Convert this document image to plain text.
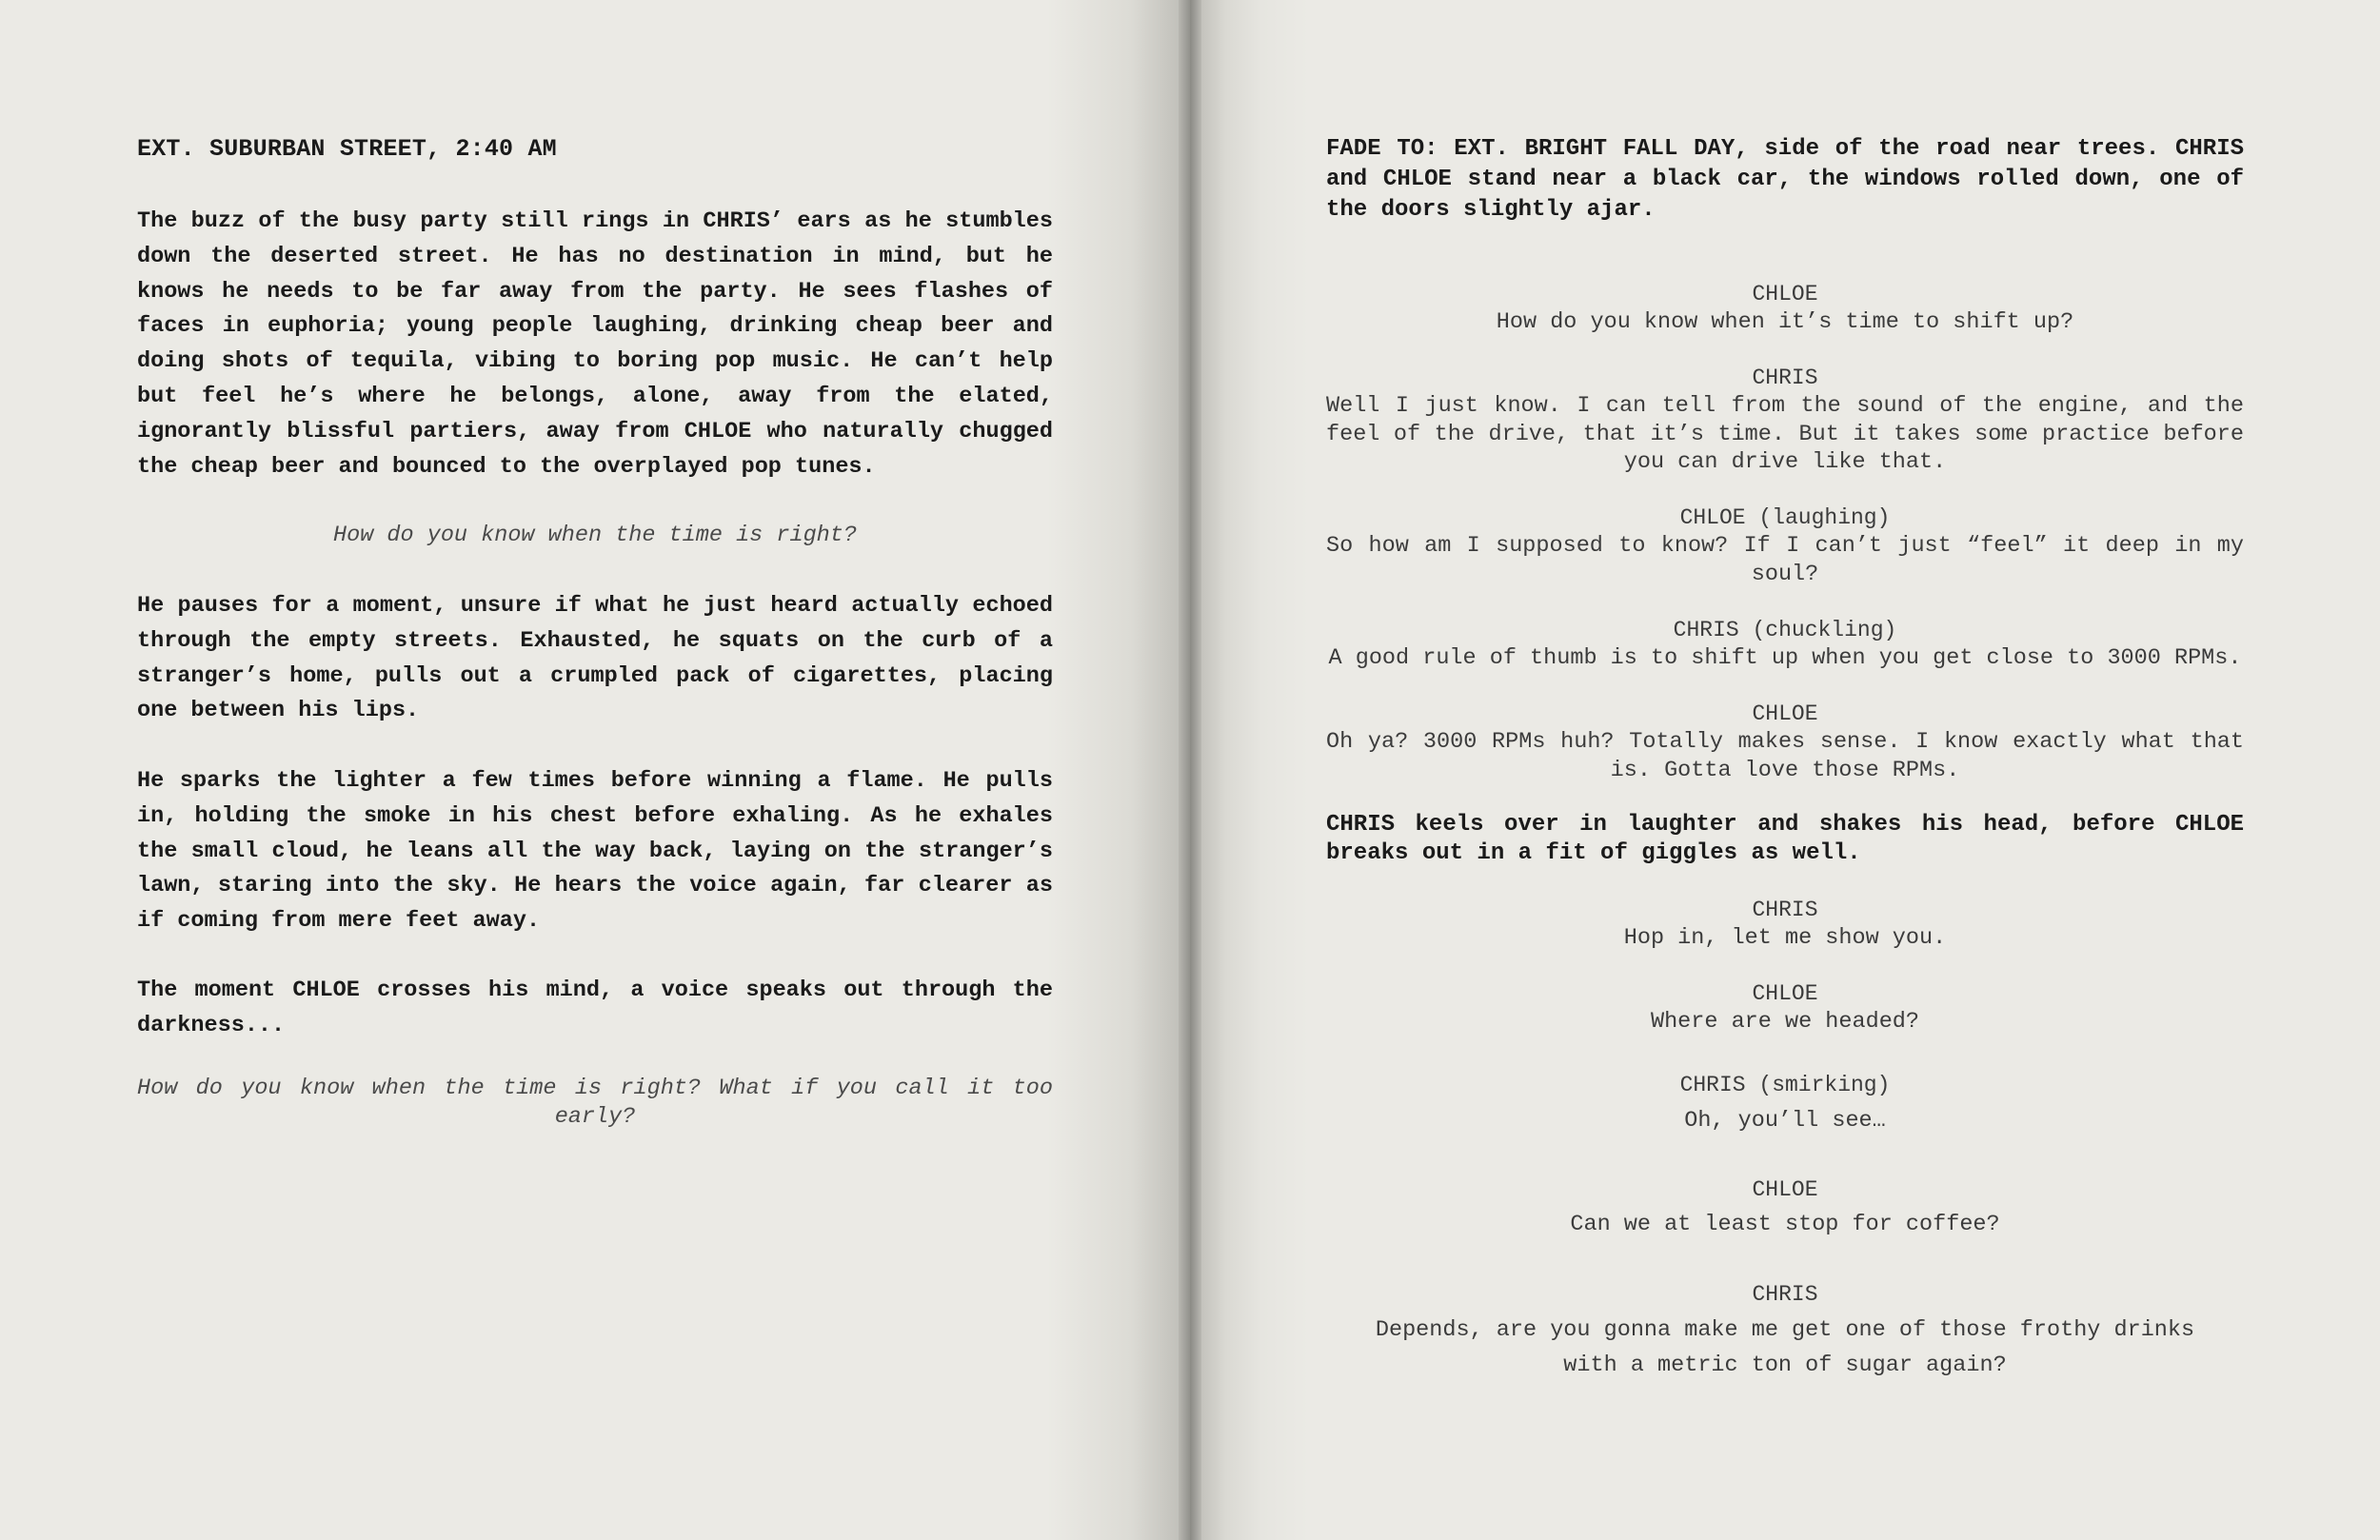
EXT. SUBURBAN STREET, 2:40 AM

The buzz of the busy party still rings in CHRIS’ ears as he stumbles down the deserted street. He has no destination in mind, but he knows he needs to be far away from the party. He sees flashes of faces in euphoria; young people laughing, drinking cheap beer and doing shots of tequila, vibing to boring pop music. He can’t help but feel he’s where he belongs, alone, away from the elated, ignorantly blissful partiers, away from CHLOE who naturally chugged the cheap beer and bounced to the overplayed pop tunes.

How do you know when the time is right?

He pauses for a moment, unsure if what he just heard actually echoed through the empty streets. Exhausted, he squats on the curb of a stranger’s home, pulls out a crumpled pack of cigarettes, placing one between his lips.

He sparks the lighter a few times before winning a flame. He pulls in, holding the smoke in his chest before exhaling. As he exhales the small cloud, he leans all the way back, laying on the stranger’s lawn, staring into the sky. He hears the voice again, far clearer as if coming from mere feet away.

The moment CHLOE crosses his mind, a voice speaks out through the darkness...

How do you know when the time is right? What if you call it too early?

FADE TO: EXT. BRIGHT FALL DAY, side of the road near trees. CHRIS and CHLOE stand near a black car, the windows rolled down, one of the doors slightly ajar.

CHLOE

How do you know when it’s time to shift up?

CHRIS

Well I just know. I can tell from the sound of the engine, and the feel of the drive, that it’s time. But it takes some practice before you can drive like that.

CHLOE (laughing)

So how am I supposed to know? If I can’t just “feel” it deep in my soul?

CHRIS (chuckling)

A good rule of thumb is to shift up when you get close to 3000 RPMs.

CHLOE

Oh ya? 3000 RPMs huh? Totally makes sense. I know exactly what that is. Gotta love those RPMs.

CHRIS keels over in laughter and shakes his head, before CHLOE breaks out in a fit of giggles as well.

CHRIS

Hop in, let me show you.

CHLOE

Where are we headed?

CHRIS (smirking)

Oh, you’ll see…

CHLOE

Can we at least stop for coffee?

CHRIS

Depends, are you gonna make me get one of those frothy drinks with a metric ton of sugar again?
